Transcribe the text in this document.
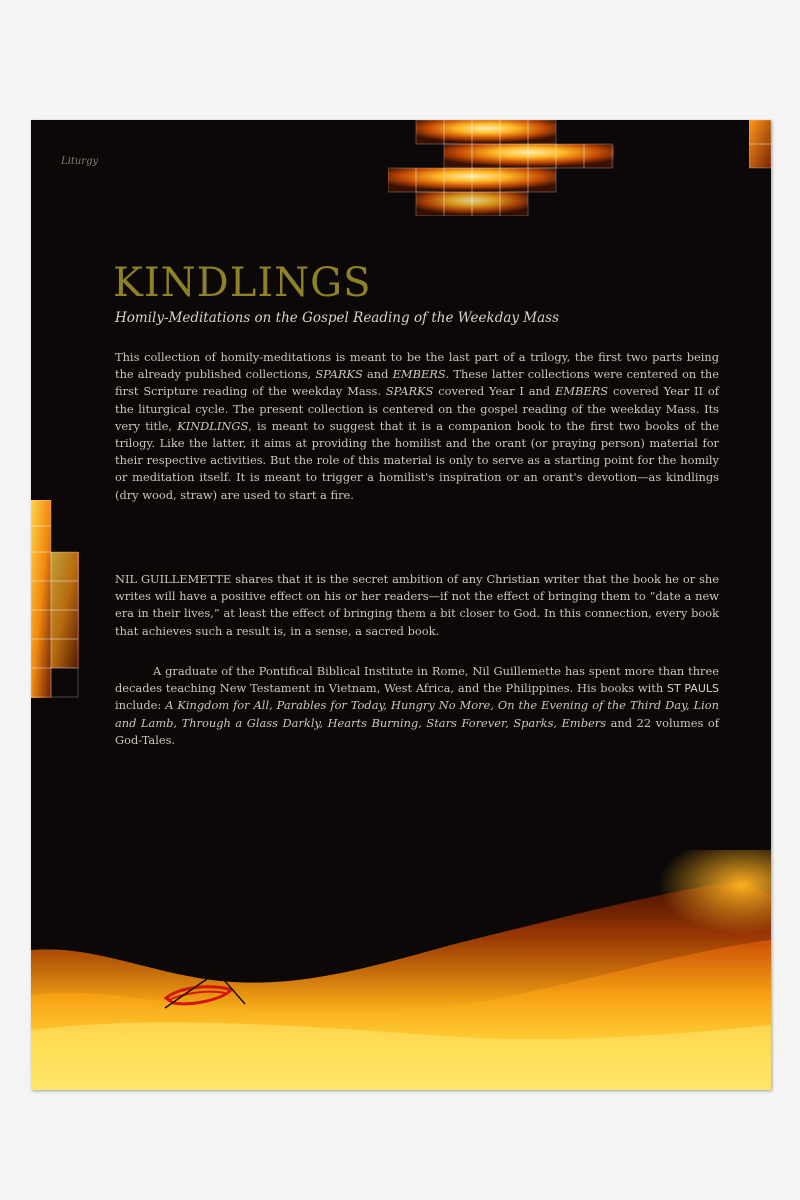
Liturgy
KINDLINGS

Homily-Meditations on the Gospel Reading of the Weekday Mass

This collection of homily-meditations is meant to be the last part of a trilogy, the first two parts being the already published collections, SPARKS and EMBERS. These latter collections were centered on the first Scripture reading of the weekday Mass. SPARKS covered Year I and EMBERS covered Year II of the liturgical cycle. The present collection is centered on the gospel reading of the weekday Mass. Its very title, KINDLINGS, is meant to suggest that it is a companion book to the first two books of the trilogy. Like the latter, it aims at providing the homilist and the orant (or praying person) material for their respective activities. But the role of this material is only to serve as a starting point for the homily or meditation itself. It is meant to trigger a homilist's inspiration or an orant's devotion—as kindlings (dry wood, straw) are used to start a fire.

NIL GUILLEMETTE shares that it is the secret ambition of any Christian writer that the book he or she writes will have a positive effect on his or her readers—if not the effect of bringing them to “date a new era in their lives,” at least the effect of bringing them a bit closer to God. In this connection, every book that achieves such a result is, in a sense, a sacred book.

A graduate of the Pontifical Biblical Institute in Rome, Nil Guillemette has spent more than three decades teaching New Testament in Vietnam, West Africa, and the Philippines. His books with ST PAULS include: A Kingdom for All, Parables for Today, Hungry No More, On the Evening of the Third Day, Lion and Lamb, Through a Glass Darkly, Hearts Burning, Stars Forever, Sparks, Embers and 22 volumes of God-Tales.
